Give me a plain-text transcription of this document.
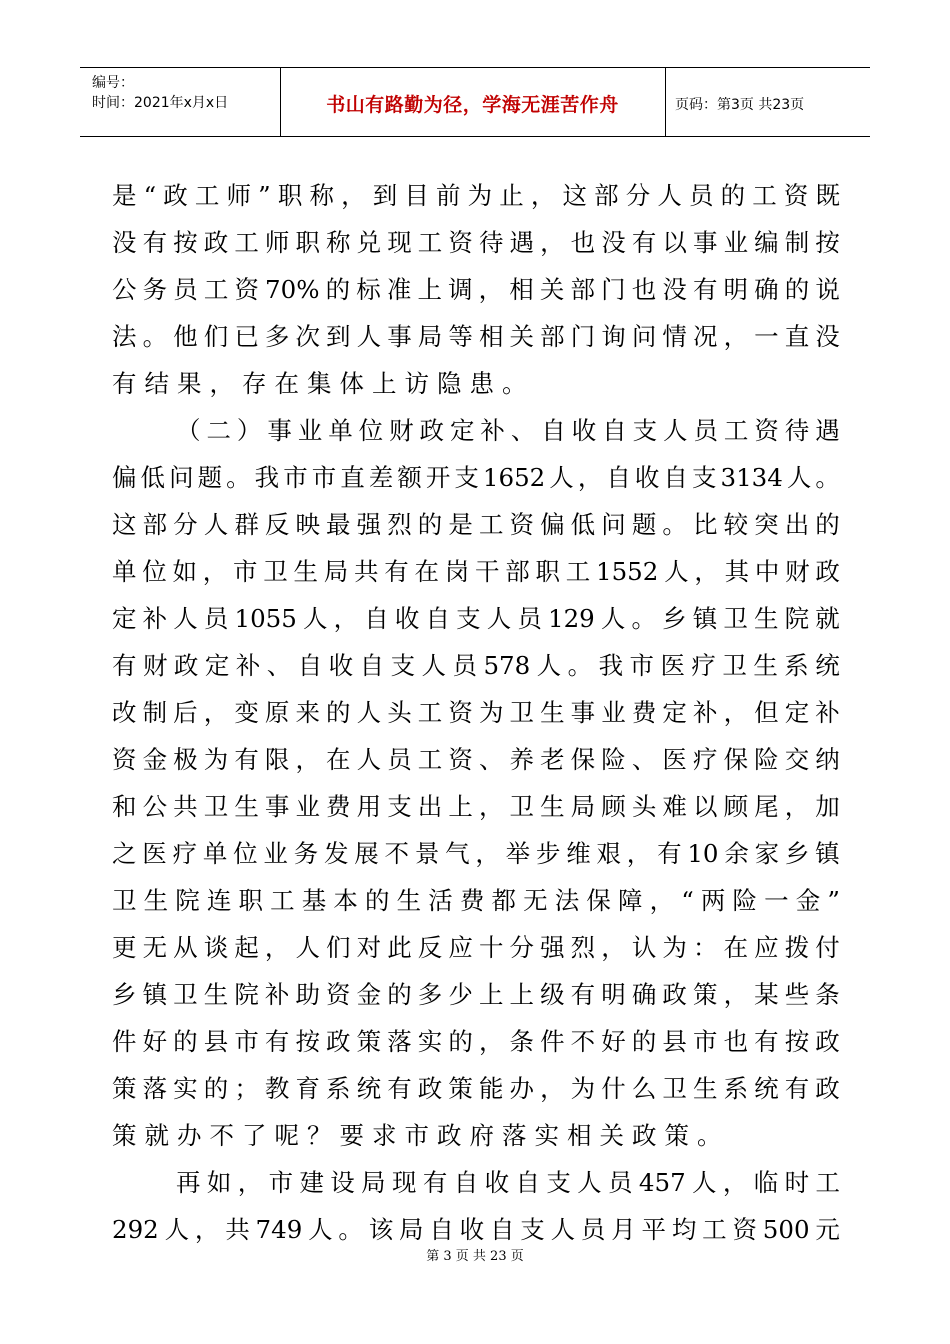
编号：
时间：2021年x月x日	书山有路勤为径，学海无涯苦作舟	页码：第3页 共23页
是 “ 政 工 师 ” 职 称 ， 到 目 前 为 止 ， 这 部 分 人 员 的 工 资 既
没 有 按 政 工 师 职 称 兑 现 工 资 待 遇 ， 也 没 有 以 事 业 编 制 按
公 务 员 工 资 70% 的 标 准 上 调 ， 相 关 部 门 也 没 有 明 确 的 说
法 。 他 们 已 多 次 到 人 事 局 等 相 关 部 门 询 问 情 况 ， 一 直 没
有结果，存在集体上访隐患。
（ 二 ） 事 业 单 位 财 政 定 补 、 自 收 自 支 人 员 工 资 待 遇
偏 低 问 题 。 我 市 市 直 差 额 开 支 1652 人 ， 自 收 自 支 3134 人 。
这 部 分 人 群 反 映 最 强 烈 的 是 工 资 偏 低 问 题 。 比 较 突 出 的
单 位 如 ， 市 卫 生 局 共 有 在 岗 干 部 职 工 1552 人 ， 其 中 财 政
定 补 人 员 1055 人 ， 自 收 自 支 人 员 129 人 。 乡 镇 卫 生 院 就
有 财 政 定 补 、 自 收 自 支 人 员 578 人 。 我 市 医 疗 卫 生 系 统
改 制 后 ， 变 原 来 的 人 头 工 资 为 卫 生 事 业 费 定 补 ， 但 定 补
资 金 极 为 有 限 ， 在 人 员 工 资 、 养 老 保 险 、 医 疗 保 险 交 纳
和 公 共 卫 生 事 业 费 用 支 出 上 ， 卫 生 局 顾 头 难 以 顾 尾 ， 加
之 医 疗 单 位 业 务 发 展 不 景 气 ， 举 步 维 艰 ， 有 10 余 家 乡 镇
卫 生 院 连 职 工 基 本 的 生 活 费 都 无 法 保 障 ， “ 两 险 一 金 ”
更 无 从 谈 起 ， 人 们 对 此 反 应 十 分 强 烈 ， 认 为 ： 在 应 拨 付
乡 镇 卫 生 院 补 助 资 金 的 多 少 上 上 级 有 明 确 政 策 ， 某 些 条
件 好 的 县 市 有 按 政 策 落 实 的 ， 条 件 不 好 的 县 市 也 有 按 政
策 落 实 的 ； 教 育 系 统 有 政 策 能 办 ， 为 什 么 卫 生 系 统 有 政
策就办不了呢？要求市政府落实相关政策。
再 如 ， 市 建 设 局 现 有 自 收 自 支 人 员 457 人 ， 临 时 工
292 人 ， 共 749 人 。 该 局 自 收 自 支 人 员 月 平 均 工 资 500 元
第 3 页 共 23 页
